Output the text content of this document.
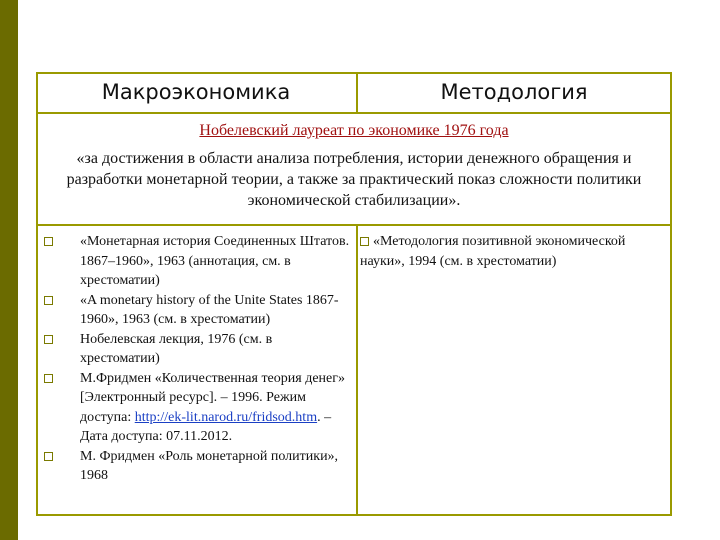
Макроэкономика	Методология
Нобелевский лауреат по экономике 1976 года
«за достижения в области анализа потребления, истории денежного обращения и разработки монетарной теории, а также за практический показ сложности политики экономической стабилизации».
«Монетарная история Соединенных Штатов. 1867–1960», 1963 (аннотация, см. в хрестоматии)
«A monetary history of the Unite States 1867-1960», 1963 (см. в хрестоматии)
Нобелевская лекция, 1976 (см. в хрестоматии)
М.Фридмен «Количественная теория денег» [Электронный ресурс]. – 1996. Режим доступа: http://ek-lit.narod.ru/fridsod.htm. – Дата доступа: 07.11.2012.
М. Фридмен «Роль монетарной политики», 1968
«Методология позитивной экономической науки», 1994 (см. в хрестоматии)
